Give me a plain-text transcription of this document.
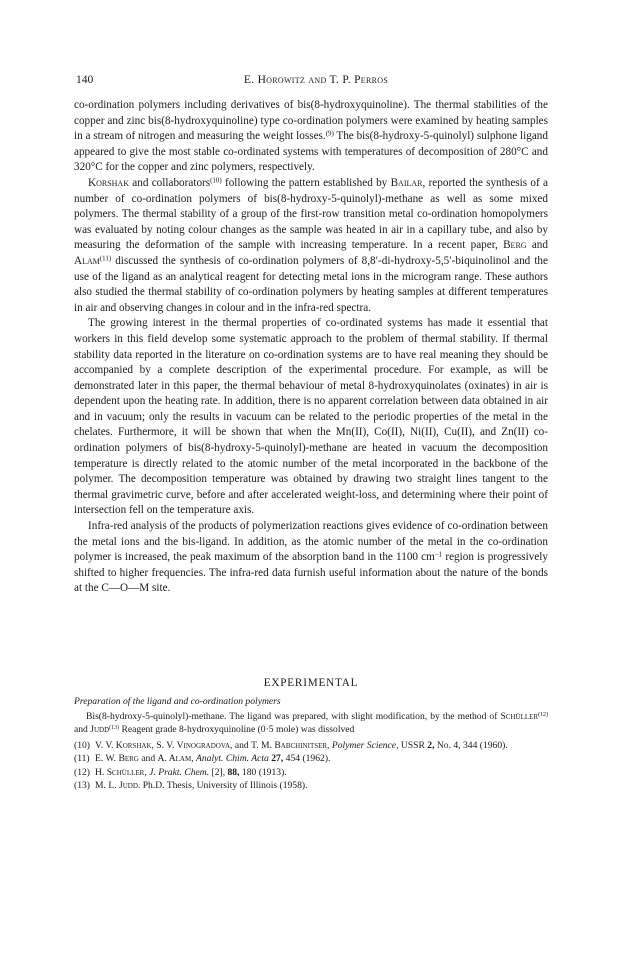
140	E. Horowitz and T. P. Perros

co-ordination polymers including derivatives of bis(8-hydroxyquinoline). The thermal stabilities of the copper and zinc bis(8-hydroxyquinoline) type co-ordination polymers were examined by heating samples in a stream of nitrogen and measuring the weight losses.$^{(9)}$ The bis(8-hydroxy-5-quinolyl) sulphone ligand appeared to give the most stable co-ordinated systems with temperatures of decomposition of 280°C and 320°C for the copper and zinc polymers, respectively.

Korshak and collaborators$^{(10)}$ following the pattern established by Bailar, reported the synthesis of a number of co-ordination polymers of bis(8-hydroxy-5-quinolyl)-methane as well as some mixed polymers. The thermal stability of a group of the first-row transition metal co-ordination homopolymers was evaluated by noting colour changes as the sample was heated in air in a capillary tube, and also by measuring the deformation of the sample with increasing temperature. In a recent paper, Berg and Alam$^{(11)}$ discussed the synthesis of co-ordination polymers of 8,8′-di-hydroxy-5,5′-biquinolinol and the use of the ligand as an analytical reagent for detecting metal ions in the microgram range. These authors also studied the thermal stability of co-ordination polymers by heating samples at different temperatures in air and observing changes in colour and in the infra-red spectra.

The growing interest in the thermal properties of co-ordinated systems has made it essential that workers in this field develop some systematic approach to the problem of thermal stability. If thermal stability data reported in the literature on co-ordination systems are to have real meaning they should be accompanied by a complete description of the experimental procedure. For example, as will be demonstrated later in this paper, the thermal behaviour of metal 8-hydroxyquinolates (oxinates) in air is dependent upon the heating rate. In addition, there is no apparent correlation between data obtained in air and in vacuum; only the results in vacuum can be related to the periodic properties of the metal in the chelates. Furthermore, it will be shown that when the Mn(II), Co(II), Ni(II), Cu(II), and Zn(II) co-ordination polymers of bis(8-hydroxy-5-quinolyl)-methane are heated in vacuum the decomposition temperature is directly related to the atomic number of the metal incorporated in the backbone of the polymer. The decomposition temperature was obtained by drawing two straight lines tangent to the thermal gravimetric curve, before and after accelerated weight-loss, and determining where their point of intersection fell on the temperature axis.

Infra-red analysis of the products of polymerization reactions gives evidence of co-ordination between the metal ions and the bis-ligand. In addition, as the atomic number of the metal in the co-ordination polymer is increased, the peak maximum of the absorption band in the 1100 $cm^{-1}$ region is progressively shifted to higher frequencies. The infra-red data furnish useful information about the nature of the bonds at the C—O—M site.

EXPERIMENTAL
Preparation of the ligand and co-ordination polymers
Bis(8-hydroxy-5-quinolyl)-methane. The ligand was prepared, with slight modification, by the method of Schüller$^{(12)}$ and Judd$^{(13)}$ Reagent grade 8-hydroxyquinoline (0·5 mole) was dissolved
(10) V. V. Korshak, S. V. Vinogradova, and T. M. Babchinitser, Polymer Science, USSR 2, No. 4, 344 (1960).
(11) E. W. Berg and A. Alam, Analyt. Chim. Acta 27, 454 (1962).
(12) H. Schüller, J. Prakt. Chem. [2], 88, 180 (1913).
(13) M. L. Judd. Ph.D. Thesis, University of Illinois (1958).
